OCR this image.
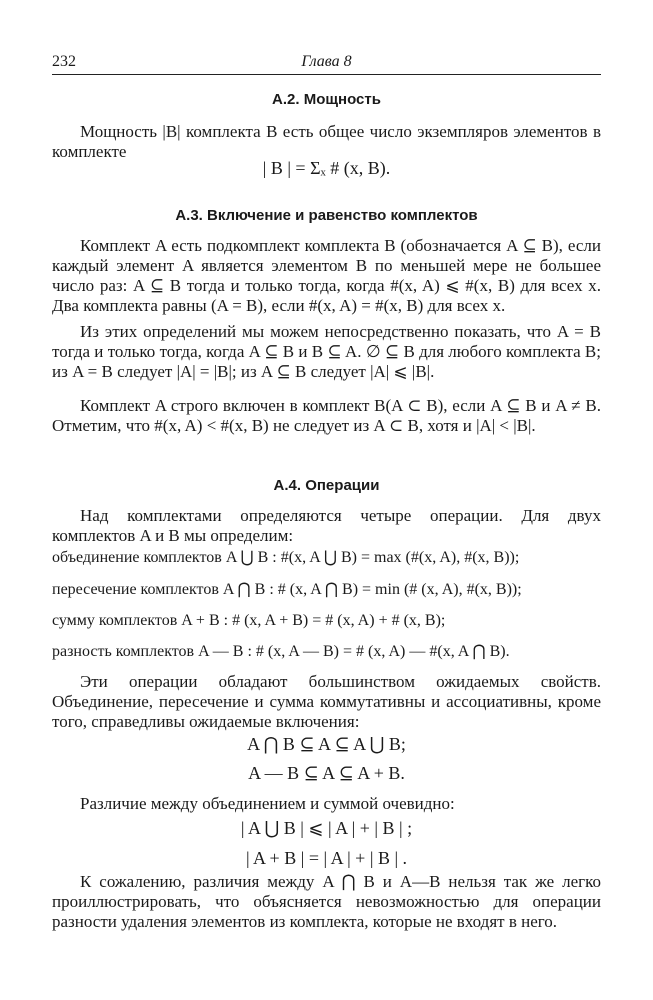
232	Глава 8
А.2. Мощность
Мощность |B| комплекта B есть общее число экземпляров элементов в комплекте
| B | = Σₓ # (x, B).
А.3. Включение и равенство комплектов
Комплект A есть подкомплект комплекта B (обозначается A ⊆ B), если каждый элемент A является элементом B по меньшей мере не большее число раз: A ⊆ B тогда и только тогда, когда #(x, A) ⩽ #(x, B) для всех x. Два комплекта равны (A = B), если #(x, A) = #(x, B) для всех x.
Из этих определений мы можем непосредственно показать, что A = B тогда и только тогда, когда A ⊆ B и B ⊆ A. ∅ ⊆ B для любого комплекта B; из A = B следует |A| = |B|; из A ⊆ B следует |A| ⩽ |B|.
Комплект A строго включен в комплект B(A ⊂ B), если A ⊆ B и A ≠ B. Отметим, что #(x, A) < #(x, B) не следует из A ⊂ B, хотя и |A| < |B|.
А.4. Операции
Над комплектами определяются четыре операции. Для двух комплектов A и B мы определим:
объединение комплектов A ⋃ B : #(x, A ⋃ B) = max (#(x, A), #(x, B));
пересечение комплектов A ⋂ B : # (x, A ⋂ B) = min (# (x, A), #(x, B));
сумму комплектов A + B : # (x, A + B) = # (x, A) + # (x, B);
разность комплектов A — B : # (x, A — B) = # (x, A) — #(x, A ⋂ B).
Эти операции обладают большинством ожидаемых свойств. Объединение, пересечение и сумма коммутативны и ассоциативны, кроме того, справедливы ожидаемые включения:
A ⋂ B ⊆ A ⊆ A ⋃ B;
A — B ⊆ A ⊆ A + B.
Различие между объединением и суммой очевидно:
| A ⋃ B | ⩽ | A | + | B | ;
| A + B | = | A | + | B | .
К сожалению, различия между A ⋂ B и A—B нельзя так же легко проиллюстрировать, что объясняется невозможностью для операции разности удаления элементов из комплекта, которые не входят в него.
